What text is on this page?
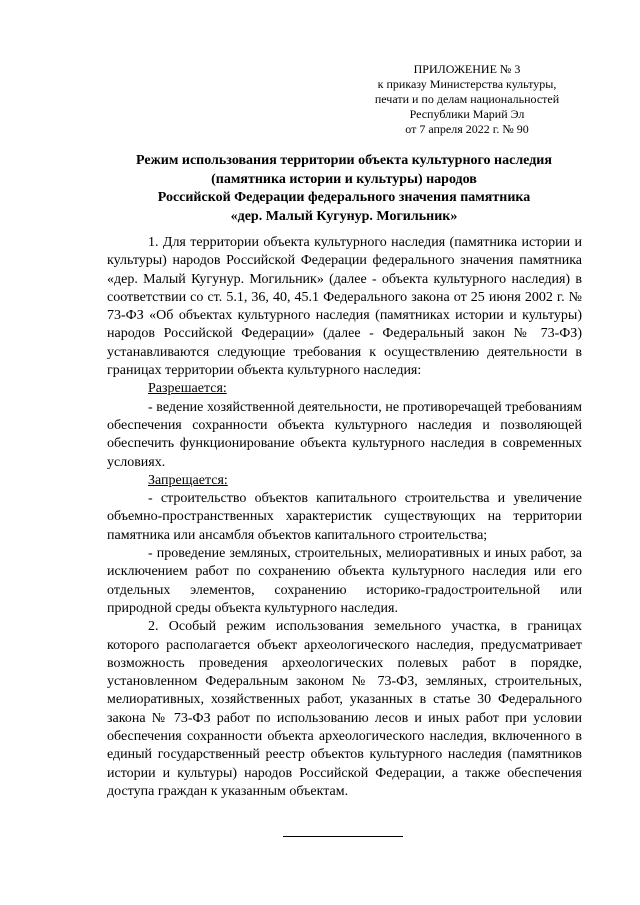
ПРИЛОЖЕНИЕ № 3
к приказу Министерства культуры,
печати и по делам национальностей
Республики Марий Эл
от 7 апреля 2022 г. № 90
Режим использования территории объекта культурного наследия
(памятника истории и культуры) народов
Российской Федерации федерального значения памятника
«дер. Малый Кугунур. Могильник»

1. Для территории объекта культурного наследия (памятника истории и культуры) народов Российской Федерации федерального значения памятника «дер. Малый Кугунур. Могильник» (далее - объекта культурного наследия) в соответствии со ст. 5.1, 36, 40, 45.1 Федерального закона от 25 июня 2002 г. № 73-ФЗ «Об объектах культурного наследия (памятниках истории и культуры) народов Российской Федерации» (далее - Федеральный закон № 73-ФЗ) устанавливаются следующие требования к осуществлению деятельности в границах территории объекта культурного наследия:

Разрешается:

- ведение хозяйственной деятельности, не противоречащей требованиям обеспечения сохранности объекта культурного наследия и позволяющей обеспечить функционирование объекта культурного наследия в современных условиях.

Запрещается:

- строительство объектов капитального строительства и увеличение объемно-пространственных характеристик существующих на территории памятника или ансамбля объектов капитального строительства;

- проведение земляных, строительных, мелиоративных и иных работ, за исключением работ по сохранению объекта культурного наследия или его отдельных элементов, сохранению историко-градостроительной или природной среды объекта культурного наследия.

2. Особый режим использования земельного участка, в границах которого располагается объект археологического наследия, предусматривает возможность проведения археологических полевых работ в порядке, установленном Федеральным законом № 73-ФЗ, земляных, строительных, мелиоративных, хозяйственных работ, указанных в статье 30 Федерального закона № 73-ФЗ работ по использованию лесов и иных работ при условии обеспечения сохранности объекта археологического наследия, включенного в единый государственный реестр объектов культурного наследия (памятников истории и культуры) народов Российской Федерации, а также обеспечения доступа граждан к указанным объектам.
